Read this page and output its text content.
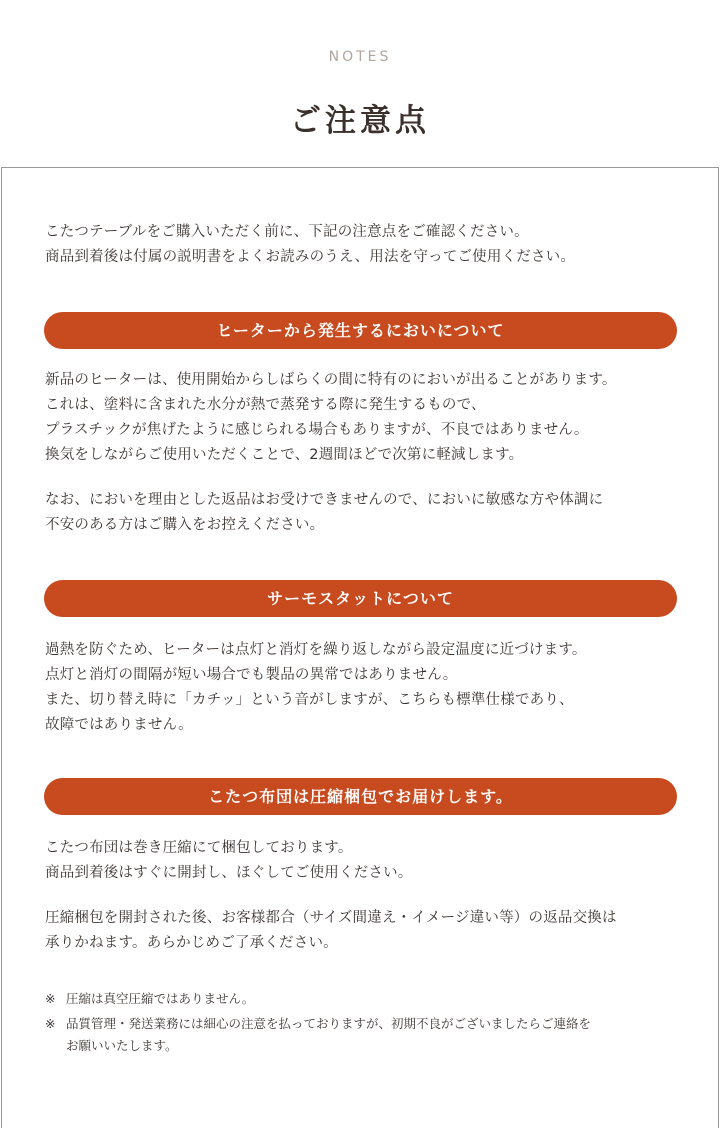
NOTES
ご注意点

こたつテーブルをご購入いただく前に、下記の注意点をご確認ください。

商品到着後は付属の説明書をよくお読みのうえ、用法を守ってご使用ください。

ヒーターから発生するにおいについて

新品のヒーターは、使用開始からしばらくの間に特有のにおいが出ることがあります。

これは、塗料に含まれた水分が熱で蒸発する際に発生するもので、

プラスチックが焦げたように感じられる場合もありますが、不良ではありません。

換気をしながらご使用いただくことで、2週間ほどで次第に軽減します。

なお、においを理由とした返品はお受けできませんので、においに敏感な方や体調に

不安のある方はご購入をお控えください。

サーモスタットについて

過熱を防ぐため、ヒーターは点灯と消灯を繰り返しながら設定温度に近づけます。

点灯と消灯の間隔が短い場合でも製品の異常ではありません。

また、切り替え時に「カチッ」という音がしますが、こちらも標準仕様であり、

故障ではありません。

こたつ布団は圧縮梱包でお届けします。

こたつ布団は巻き圧縮にて梱包しております。

商品到着後はすぐに開封し、ほぐしてご使用ください。

圧縮梱包を開封された後、お客様都合（サイズ間違え・イメージ違い等）の返品交換は

承りかねます。あらかじめご了承ください。

※ 圧縮は真空圧縮ではありません。
※ 品質管理・発送業務には細心の注意を払っておりますが、初期不良がございましたらご連絡を
お願いいたします。
